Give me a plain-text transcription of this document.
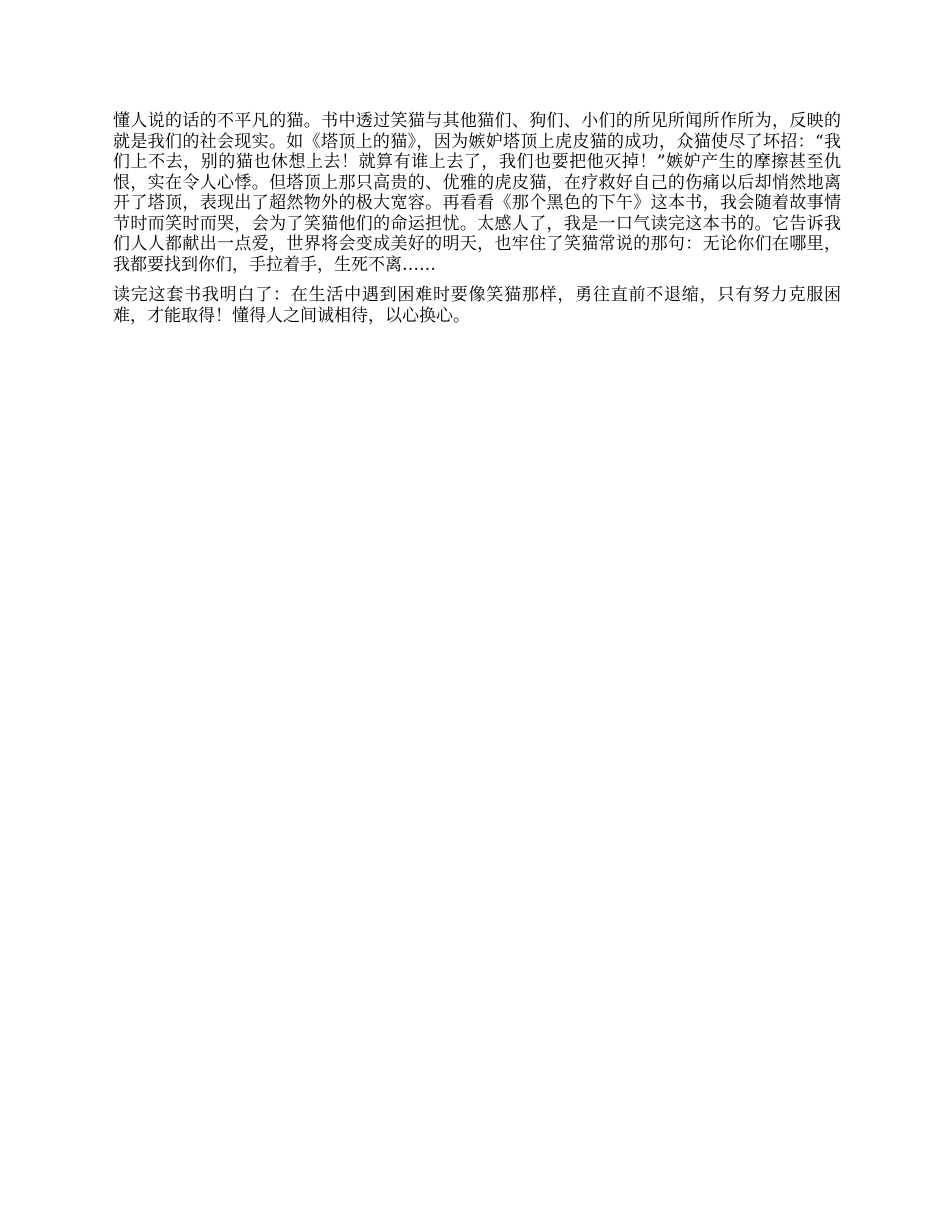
懂人说的话的不平凡的猫。书中透过笑猫与其他猫们、狗们、小们的所见所闻所作所为，反映的就是我们的社会现实。如《塔顶上的猫》，因为嫉妒塔顶上虎皮猫的成功，众猫使尽了坏招：“我们上不去，别的猫也休想上去！就算有谁上去了，我们也要把他灭掉！”嫉妒产生的摩擦甚至仇恨，实在令人心悸。但塔顶上那只高贵的、优雅的虎皮猫，在疗救好自己的伤痛以后却悄然地离开了塔顶，表现出了超然物外的极大宽容。再看看《那个黑色的下午》这本书，我会随着故事情节时而笑时而哭，会为了笑猫他们的命运担忧。太感人了，我是一口气读完这本书的。它告诉我们人人都献出一点爱，世界将会变成美好的明天，也牢住了笑猫常说的那句：无论你们在哪里，我都要找到你们，手拉着手，生死不离……

读完这套书我明白了：在生活中遇到困难时要像笑猫那样，勇往直前不退缩，只有努力克服困难，才能取得！懂得人之间诚相待，以心换心。
